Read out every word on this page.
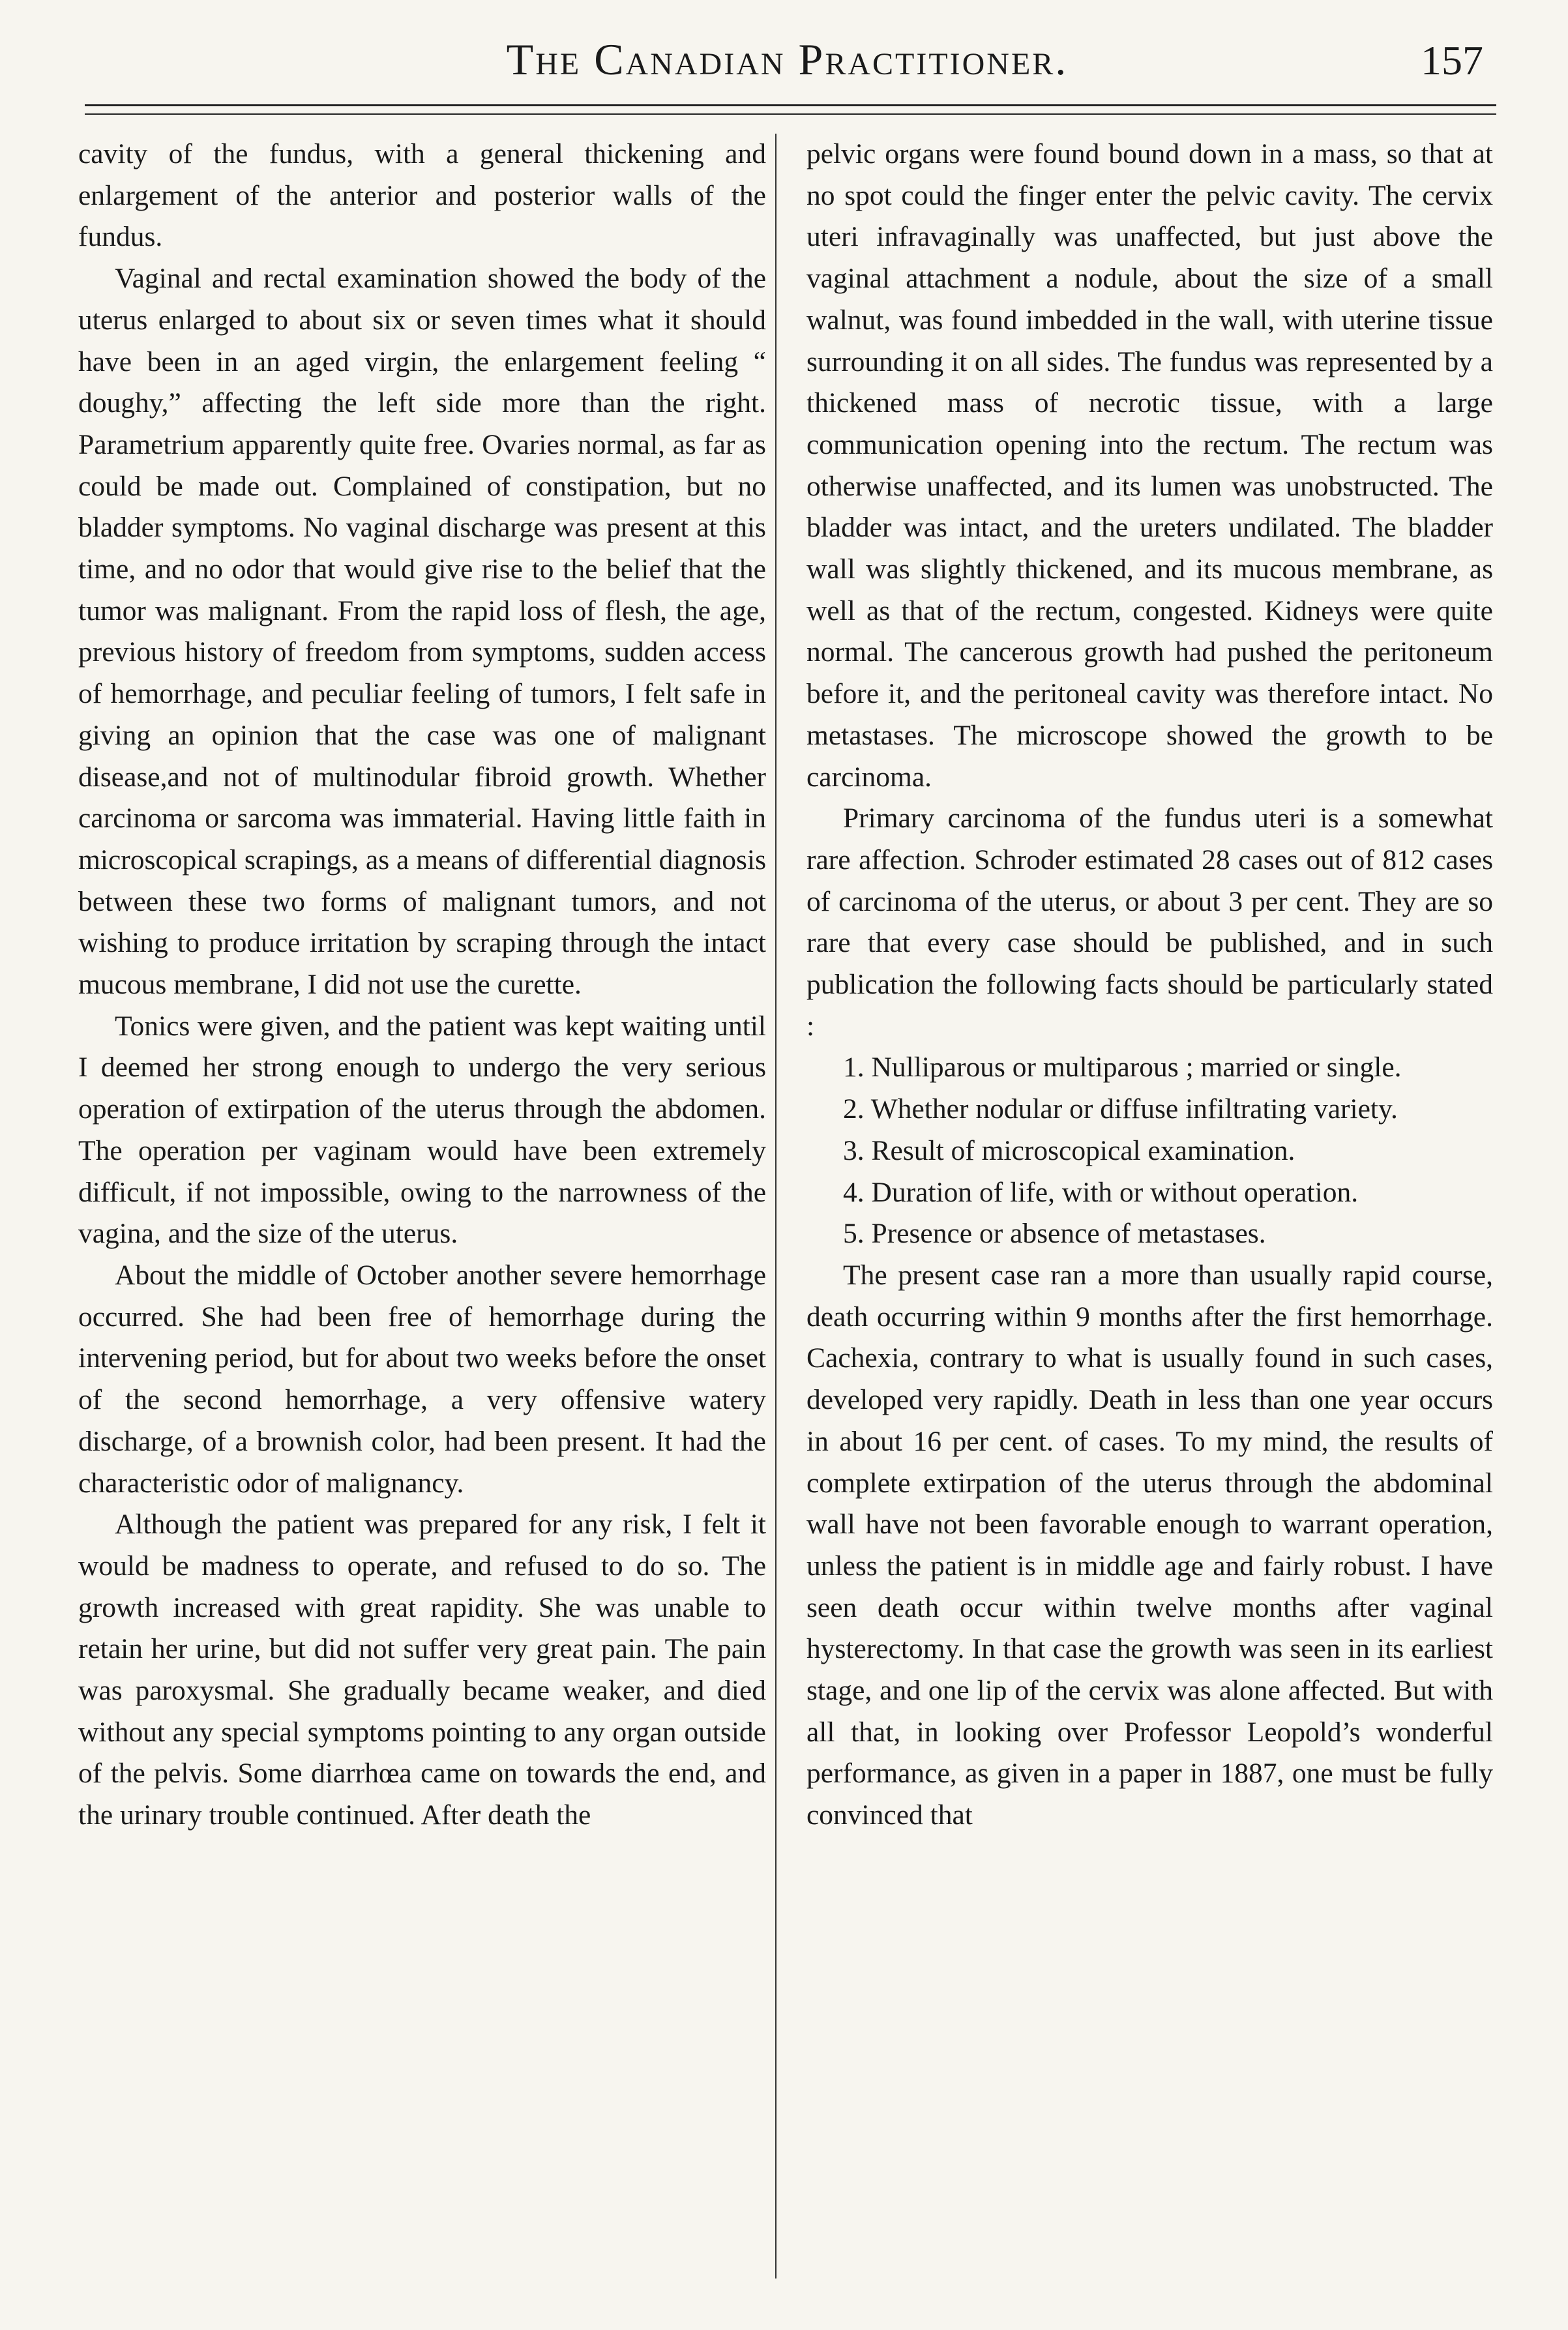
The Canadian Practitioner.	157

cavity of the fundus, with a general thickening and enlargement of the anterior and posterior walls of the fundus.

Vaginal and rectal examination showed the body of the uterus enlarged to about six or seven times what it should have been in an aged virgin, the enlargement feeling “ doughy,” affecting the left side more than the right. Parametrium apparently quite free. Ovaries normal, as far as could be made out. Complained of constipation, but no bladder symptoms. No vaginal discharge was present at this time, and no odor that would give rise to the belief that the tumor was malignant. From the rapid loss of flesh, the age, previous history of freedom from symptoms, sudden access of hemorrhage, and peculiar feeling of tumors, I felt safe in giving an opinion that the case was one of malignant disease,and not of multinodular fibroid growth. Whether carcinoma or sarcoma was immaterial. Having little faith in microscopical scrapings, as a means of differential diagnosis between these two forms of malignant tumors, and not wishing to produce irritation by scraping through the intact mucous membrane, I did not use the curette.

Tonics were given, and the patient was kept waiting until I deemed her strong enough to undergo the very serious operation of extirpation of the uterus through the abdomen. The operation per vaginam would have been extremely difficult, if not impossible, owing to the narrowness of the vagina, and the size of the uterus.

About the middle of October another severe hemorrhage occurred. She had been free of hemorrhage during the intervening period, but for about two weeks before the onset of the second hemorrhage, a very offensive watery discharge, of a brownish color, had been present. It had the characteristic odor of malignancy.

Although the patient was prepared for any risk, I felt it would be madness to operate, and refused to do so. The growth increased with great rapidity. She was unable to retain her urine, but did not suffer very great pain. The pain was paroxysmal. She gradually became weaker, and died without any special symptoms pointing to any organ outside of the pelvis. Some diarrhœa came on towards the end, and the urinary trouble continued. After death the

pelvic organs were found bound down in a mass, so that at no spot could the finger enter the pelvic cavity. The cervix uteri infravaginally was unaffected, but just above the vaginal attachment a nodule, about the size of a small walnut, was found imbedded in the wall, with uterine tissue surrounding it on all sides. The fundus was represented by a thickened mass of necrotic tissue, with a large communication opening into the rectum. The rectum was otherwise unaffected, and its lumen was unobstructed. The bladder was intact, and the ureters undilated. The bladder wall was slightly thickened, and its mucous membrane, as well as that of the rectum, congested. Kidneys were quite normal. The cancerous growth had pushed the peritoneum before it, and the peritoneal cavity was therefore intact. No metastases. The microscope showed the growth to be carcinoma.

Primary carcinoma of the fundus uteri is a somewhat rare affection. Schroder estimated 28 cases out of 812 cases of carcinoma of the uterus, or about 3 per cent. They are so rare that every case should be published, and in such publication the following facts should be particularly stated :

1. Nulliparous or multiparous ; married or single.

2. Whether nodular or diffuse infiltrating variety.

3. Result of microscopical examination.

4. Duration of life, with or without operation.

5. Presence or absence of metastases.

The present case ran a more than usually rapid course, death occurring within 9 months after the first hemorrhage. Cachexia, contrary to what is usually found in such cases, developed very rapidly. Death in less than one year occurs in about 16 per cent. of cases. To my mind, the results of complete extirpation of the uterus through the abdominal wall have not been favorable enough to warrant operation, unless the patient is in middle age and fairly robust. I have seen death occur within twelve months after vaginal hysterectomy. In that case the growth was seen in its earliest stage, and one lip of the cervix was alone affected. But with all that, in looking over Professor Leopold’s wonderful performance, as given in a paper in 1887, one must be fully convinced that
